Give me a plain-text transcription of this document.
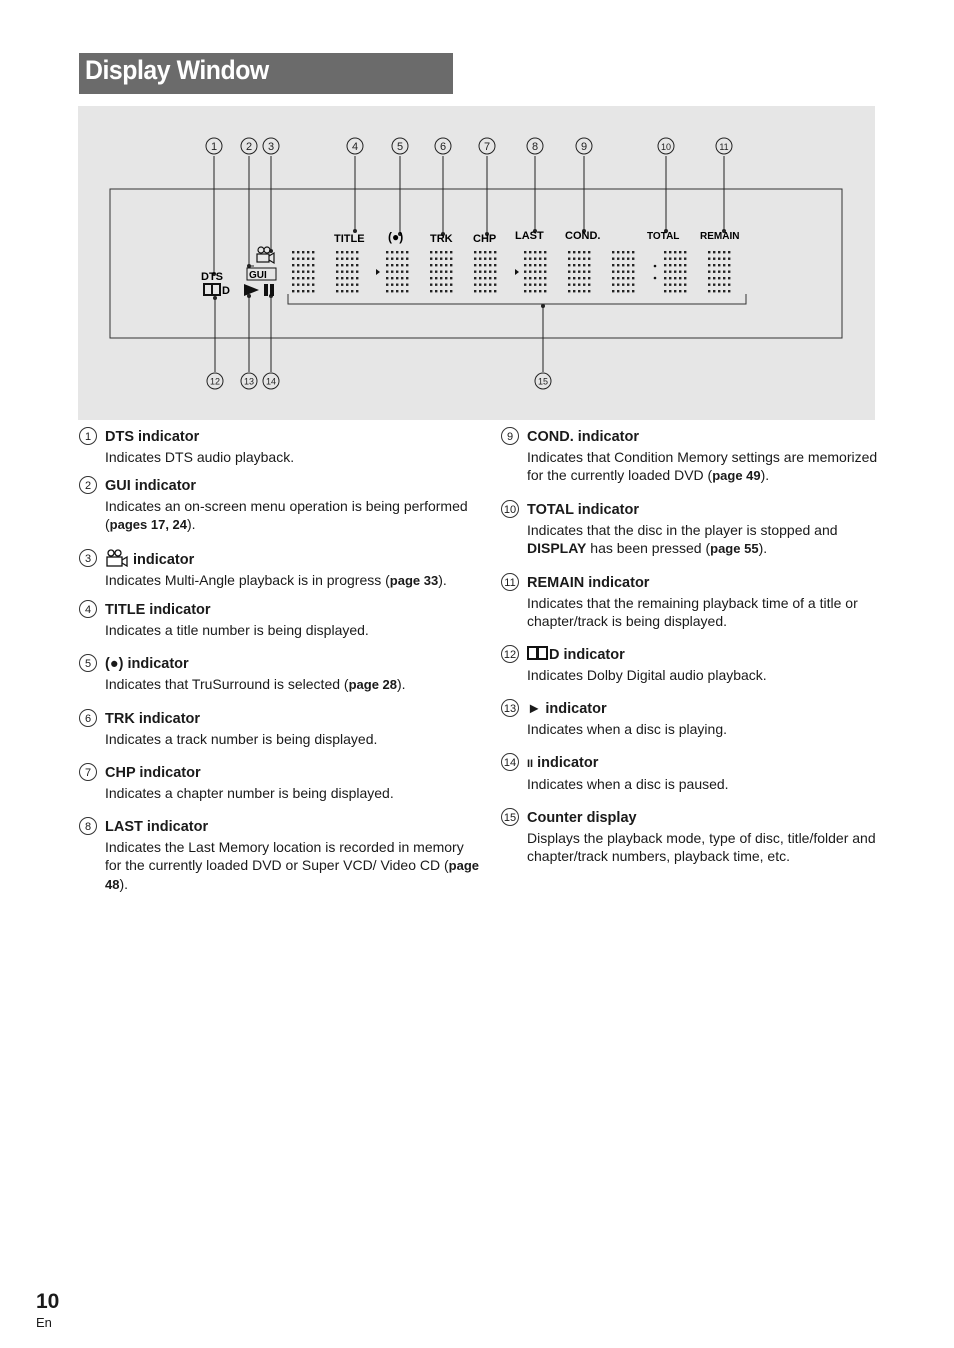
Display Window
1	2 3	4	5	6	7	8	9	10	11
12	13 14	15
DTS
D
GUI
TITLE (●) TRK CHP LAST COND.	TOTAL REMAIN
1 DTS indicator
Indicates DTS audio playback.
2 GUI indicator
Indicates an on-screen menu operation is being performed (pages 17, 24).
3	indicator
Indicates Multi-Angle playback is in progress (page 33).
4 TITLE indicator
Indicates a title number is being displayed.
5 (●) indicator
Indicates that TruSurround is selected (page 28).
6 TRK indicator
Indicates a track number is being displayed.
7 CHP indicator
Indicates a chapter number is being displayed.
8 LAST indicator
Indicates the Last Memory location is recorded in memory for the currently loaded DVD or Super VCD/ Video CD (page 48).
9 COND. indicator
Indicates that Condition Memory settings are memorized for the currently loaded DVD (page 49).
10 TOTAL indicator
Indicates that the disc in the player is stopped and DISPLAY has been pressed (page 55).
11 REMAIN indicator
Indicates that the remaining playback time of a title or chapter/track is being displayed.
12	D indicator
Indicates Dolby Digital audio playback.
13 ► indicator
Indicates when a disc is playing.
14 II indicator
Indicates when a disc is paused.
15 Counter display
Displays the playback mode, type of disc, title/folder and chapter/track numbers, playback time, etc.
10
En
